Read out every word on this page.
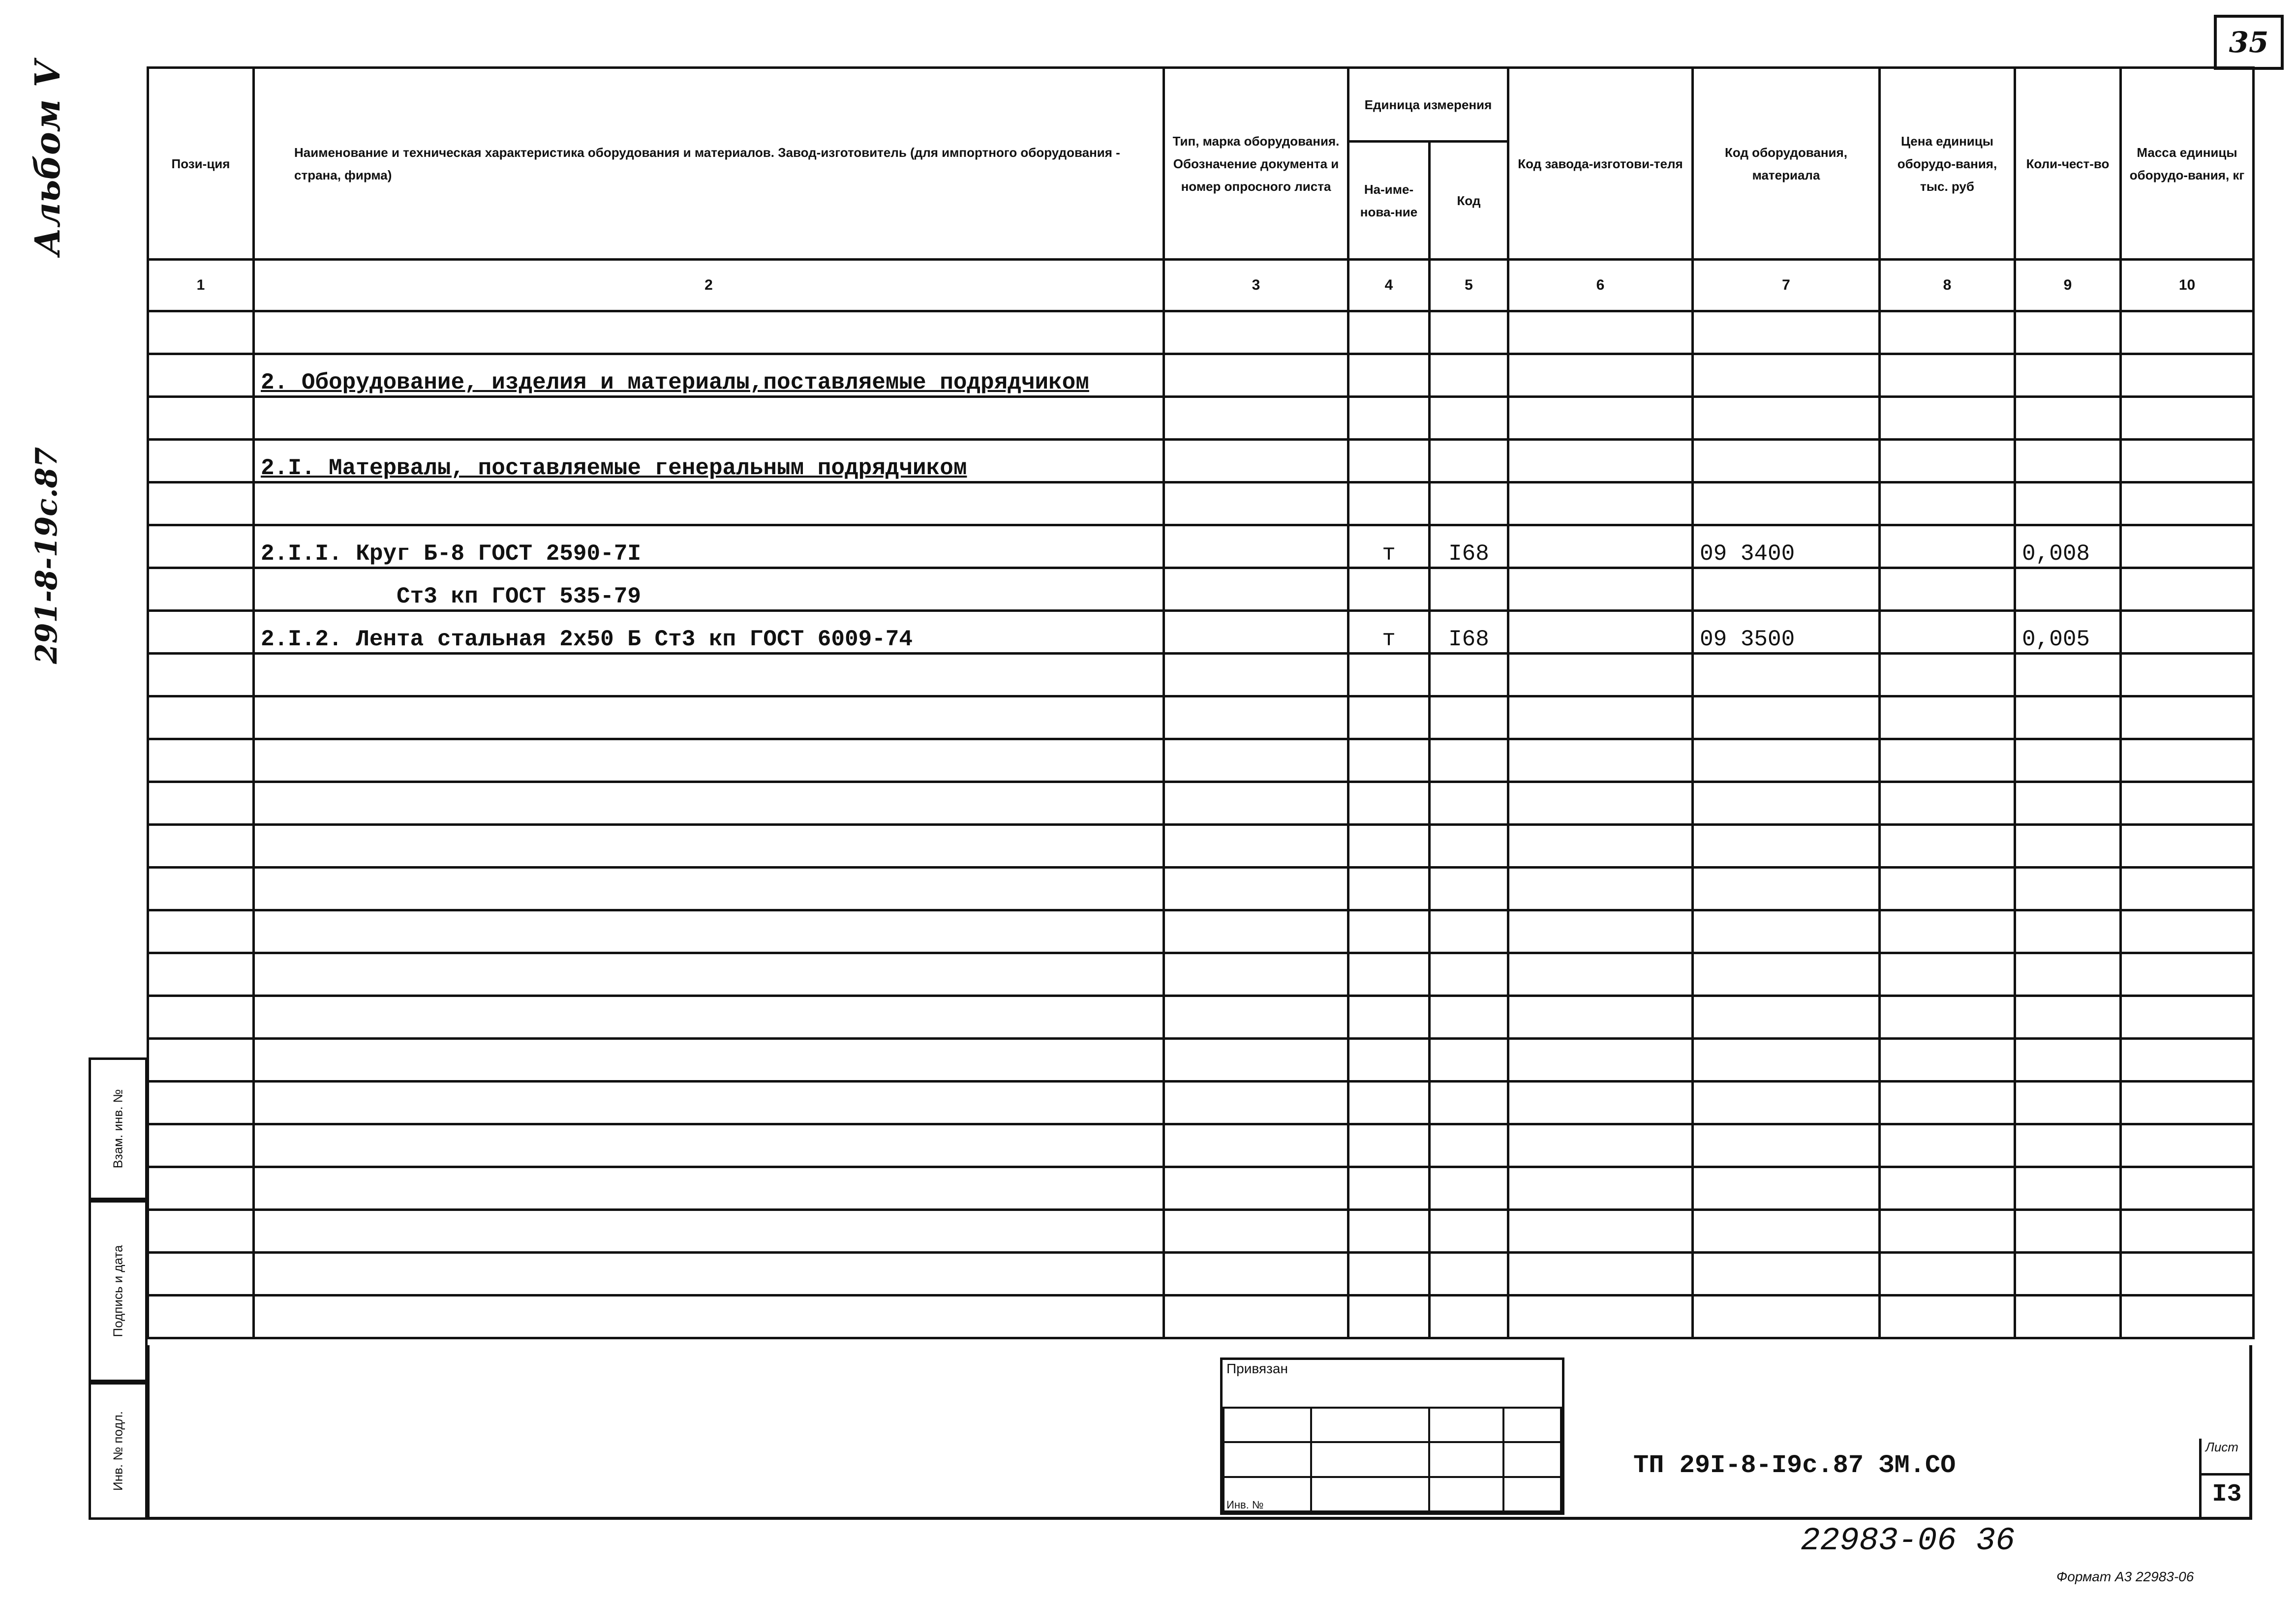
35
Альбом V
291-8-19с.87
Пози-ция	Наименование и техническая характеристика оборудования и материалов. Завод-изготовитель (для импортного оборудования - страна, фирма)	Тип, марка оборудования. Обозначение документа и номер опросного листа	Единица измерения		Код завода-изготови-теля	Код оборудования, материала	Цена единицы оборудо-вания, тыс. руб	Коли-чест-во	Масса единицы оборудо-вания, кг
			На-име-нова-ние	Код					
1	2	3	4	5	6	7	8	9	10

	2. Оборудование, изделия и материалы,поставляемые подрядчиком								

	2.I. Матервалы, поставляемые генеральным подрядчиком								

	2.I.I. Круг Б-8 ГОСТ 2590-7I		т	I68		09 3400		0,008	
	Ст3 кп ГОСТ 535-79								
	2.I.2. Лента стальная 2х50 Б Ст3 кп ГОСТ 6009-74		т	I68		09 3500		0,005	

Взам. инв. №
Подпись и дата
Инв. № подл.
Привязан

Инв. №
ТП 29I-8-I9с.87 ЗМ.СО
Лист
I3
22983-06 36
Формат А3 22983-06
